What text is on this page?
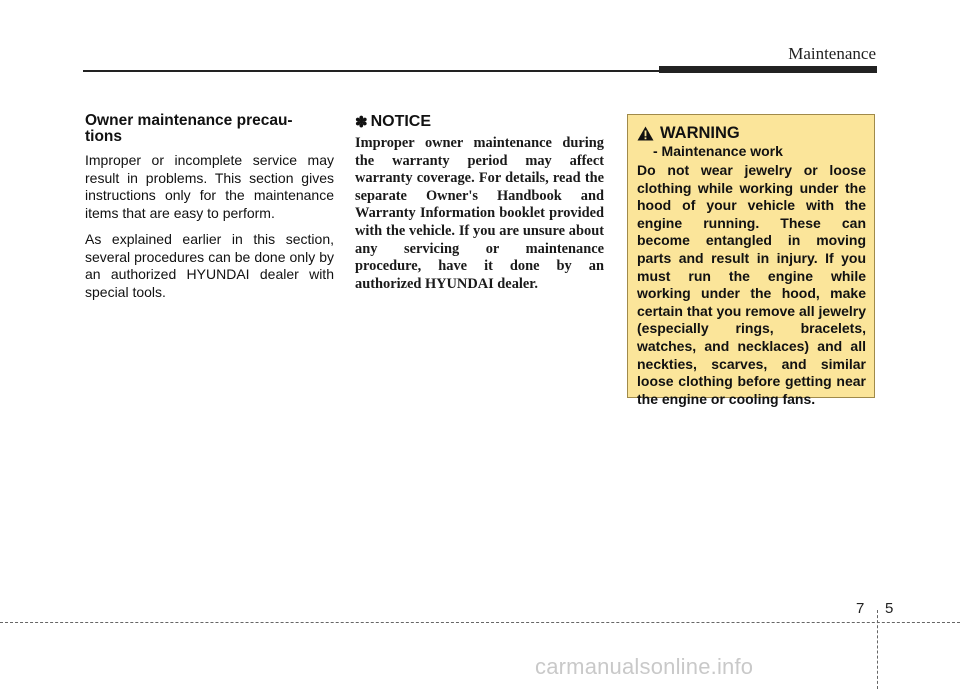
Maintenance
Owner maintenance precau-
tions

Improper or incomplete service may result in problems. This section gives instructions only for the maintenance items that are easy to perform.

As explained earlier in this section, several procedures can be done only by an authorized HYUNDAI dealer with special tools.

✽ NOTICE

Improper owner maintenance during the warranty period may affect warranty coverage. For details, read the separate Owner's Handbook and Warranty Information booklet provided with the vehicle. If you are unsure about any servicing or maintenance procedure, have it done by an authorized HYUNDAI dealer.

WARNING
- Maintenance work

Do not wear jewelry or loose clothing while working under the hood of your vehicle with the engine running. These can become entangled in moving parts and result in injury. If you must run the engine while working under the hood, make certain that you remove all jewelry (especially rings, bracelets, watches, and necklaces) and all neckties, scarves, and similar loose clothing before getting near the engine or cooling fans.

7 5
carmanualsonline.info
